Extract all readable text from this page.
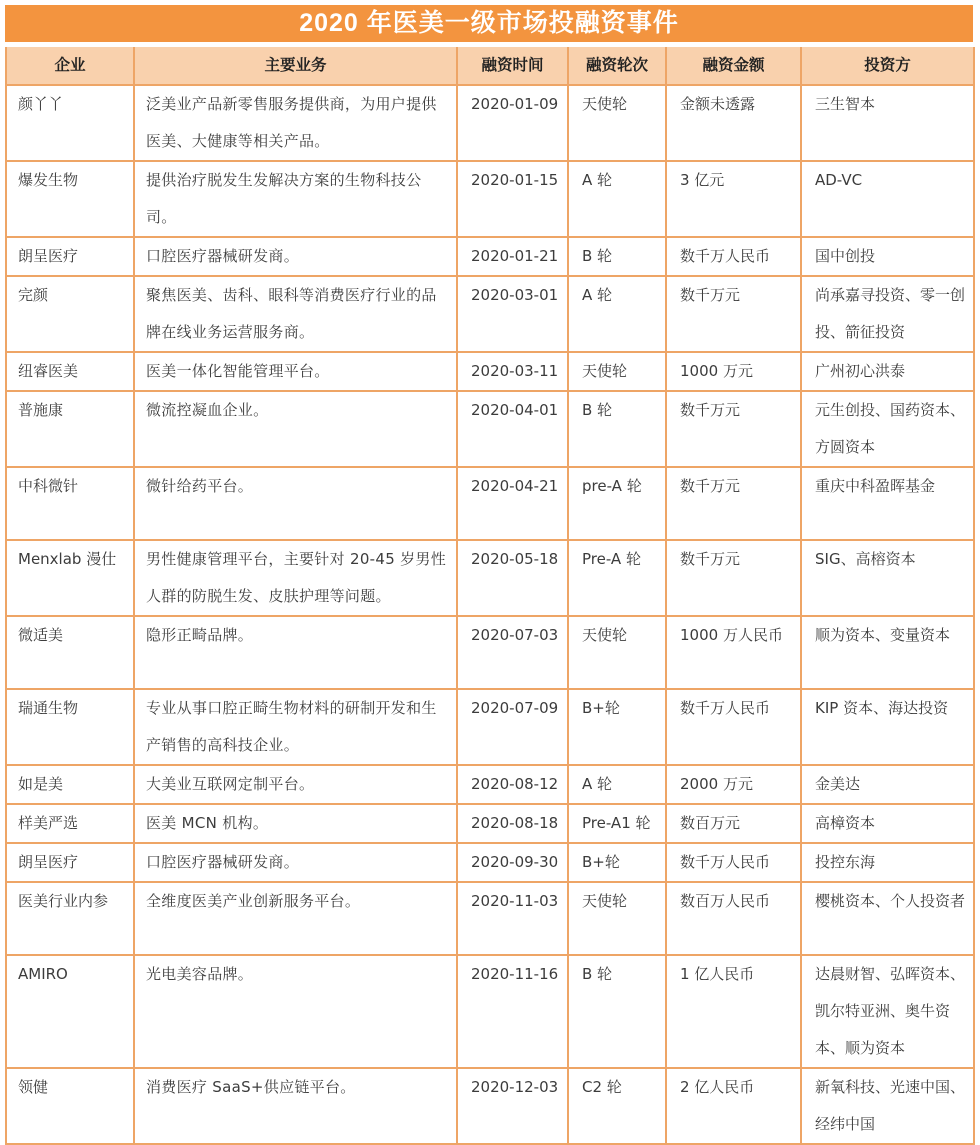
2020 年医美一级市场投融资事件
企业	主要业务	融资时间	融资轮次	融资金额	投资方
颜丫丫	泛美业产品新零售服务提供商，为用户提供医美、大健康等相关产品。	2020-01-09	天使轮	金额未透露	三生智本
爆发生物	提供治疗脱发生发解决方案的生物科技公司。	2020-01-15	A 轮	3 亿元	AD-VC
朗呈医疗	口腔医疗器械研发商。	2020-01-21	B 轮	数千万人民币	国中创投
完颜	聚焦医美、齿科、眼科等消费医疗行业的品牌在线业务运营服务商。	2020-03-01	A 轮	数千万元	尚承嘉寻投资、零一创投、箭征投资
纽睿医美	医美一体化智能管理平台。	2020-03-11	天使轮	1000 万元	广州初心洪泰
普施康	微流控凝血企业。	2020-04-01	B 轮	数千万元	元生创投、国药资本、方圆资本
中科微针	微针给药平台。	2020-04-21	pre-A 轮	数千万元	重庆中科盈晖基金
Menxlab 漫仕	男性健康管理平台，主要针对 20-45 岁男性人群的防脱生发、皮肤护理等问题。	2020-05-18	Pre-A 轮	数千万元	SIG、高榕资本
微适美	隐形正畸品牌。	2020-07-03	天使轮	1000 万人民币	顺为资本、变量资本
瑞通生物	专业从事口腔正畸生物材料的研制开发和生产销售的高科技企业。	2020-07-09	B+轮	数千万人民币	KIP 资本、海达投资
如是美	大美业互联网定制平台。	2020-08-12	A 轮	2000 万元	金美达
样美严选	医美 MCN 机构。	2020-08-18	Pre-A1 轮	数百万元	高樟资本
朗呈医疗	口腔医疗器械研发商。	2020-09-30	B+轮	数千万人民币	投控东海
医美行业内参	全维度医美产业创新服务平台。	2020-11-03	天使轮	数百万人民币	樱桃资本、个人投资者
AMIRO	光电美容品牌。	2020-11-16	B 轮	1 亿人民币	达晨财智、弘晖资本、凯尔特亚洲、奥牛资本、顺为资本
领健	消费医疗 SaaS+供应链平台。	2020-12-03	C2 轮	2 亿人民币	新氧科技、光速中国、经纬中国
